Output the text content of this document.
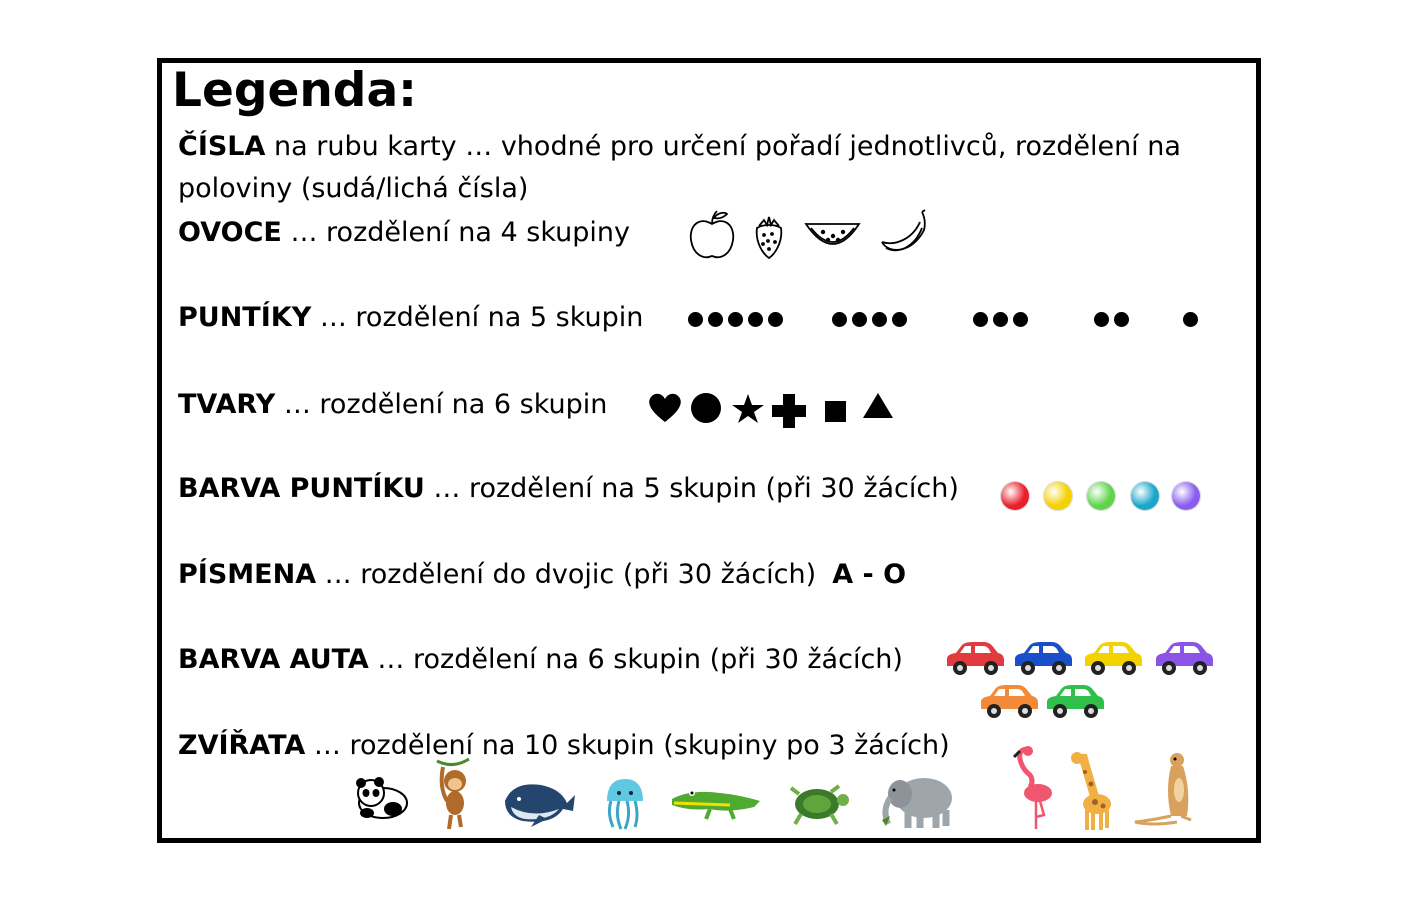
Legenda:
ČÍSLA na rubu karty … vhodné pro určení pořadí jednotlivců, rozdělení na
poloviny (sudá/lichá čísla)
OVOCE … rozdělení na 4 skupiny
PUNTÍKY … rozdělení na 5 skupin
TVARY … rozdělení na 6 skupin
BARVA PUNTÍKU … rozdělení na 5 skupin (při 30 žácích)
PÍSMENA … rozdělení do dvojic (při 30 žácích) A - O
BARVA AUTA … rozdělení na 6 skupin (při 30 žácích)
ZVÍŘATA … rozdělení na 10 skupin (skupiny po 3 žácích)
